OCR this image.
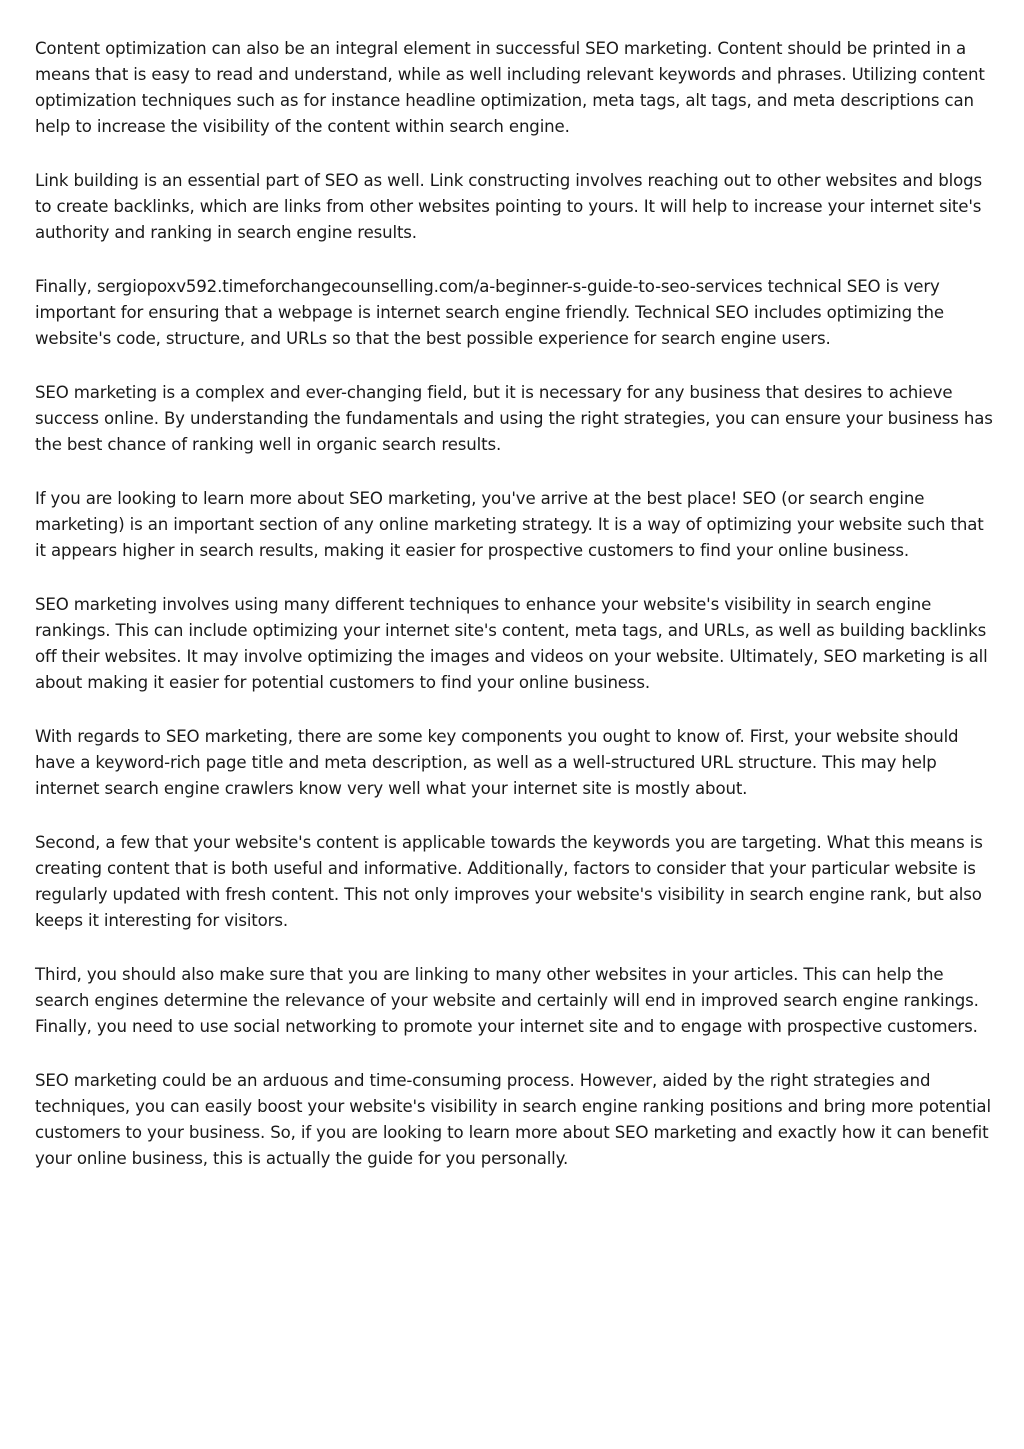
Content optimization can also be an integral element in successful SEO marketing. Content should be printed in a means that is easy to read and understand, while as well including relevant keywords and phrases. Utilizing content optimization techniques such as for instance headline optimization, meta tags, alt tags, and meta descriptions can help to increase the visibility of the content within search engine.

Link building is an essential part of SEO as well. Link constructing involves reaching out to other websites and blogs to create backlinks, which are links from other websites pointing to yours. It will help to increase your internet site's authority and ranking in search engine results.

Finally, sergiopoxv592.timeforchangecounselling.com/a-beginner-s-guide-to-seo-services technical SEO is very important for ensuring that a webpage is internet search engine friendly. Technical SEO includes optimizing the website's code, structure, and URLs so that the best possible experience for search engine users.

SEO marketing is a complex and ever-changing field, but it is necessary for any business that desires to achieve success online. By understanding the fundamentals and using the right strategies, you can ensure your business has the best chance of ranking well in organic search results.

If you are looking to learn more about SEO marketing, you've arrive at the best place! SEO (or search engine marketing) is an important section of any online marketing strategy. It is a way of optimizing your website such that it appears higher in search results, making it easier for prospective customers to find your online business.

SEO marketing involves using many different techniques to enhance your website's visibility in search engine rankings. This can include optimizing your internet site's content, meta tags, and URLs, as well as building backlinks off their websites. It may involve optimizing the images and videos on your website. Ultimately, SEO marketing is all about making it easier for potential customers to find your online business.

With regards to SEO marketing, there are some key components you ought to know of. First, your website should have a keyword-rich page title and meta description, as well as a well-structured URL structure. This may help internet search engine crawlers know very well what your internet site is mostly about.

Second, a few that your website's content is applicable towards the keywords you are targeting. What this means is creating content that is both useful and informative. Additionally, factors to consider that your particular website is regularly updated with fresh content. This not only improves your website's visibility in search engine rank, but also keeps it interesting for visitors.

Third, you should also make sure that you are linking to many other websites in your articles. This can help the search engines determine the relevance of your website and certainly will end in improved search engine rankings. Finally, you need to use social networking to promote your internet site and to engage with prospective customers.

SEO marketing could be an arduous and time-consuming process. However, aided by the right strategies and techniques, you can easily boost your website's visibility in search engine ranking positions and bring more potential customers to your business. So, if you are looking to learn more about SEO marketing and exactly how it can benefit your online business, this is actually the guide for you personally.
